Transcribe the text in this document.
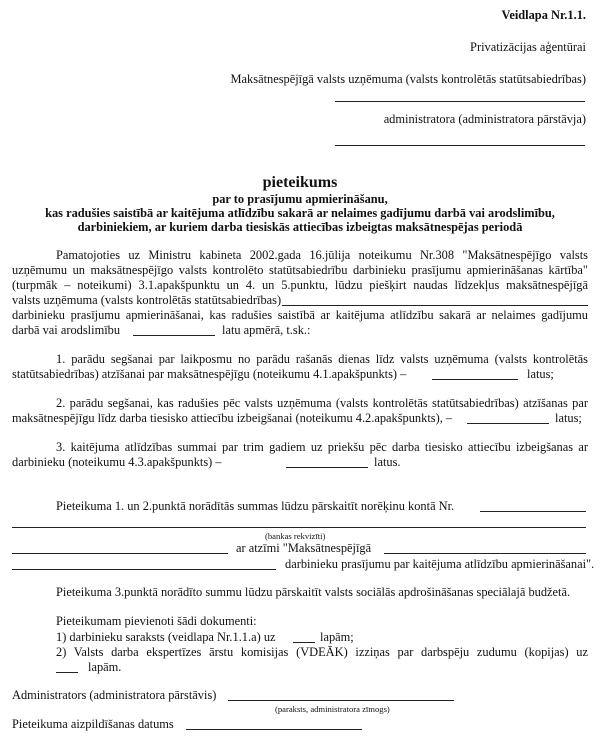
Veidlapa Nr.1.1.
Privatizācijas aģentūrai
Maksātnespējīgā valsts uzņēmuma (valsts kontrolētās statūtsabiedrības)
administratora (administratora pārstāvja)
pieteikums
par to prasījumu apmierināšanu,
kas radušies saistībā ar kaitējuma atlīdzību sakarā ar nelaimes gadījumu darbā vai arodslimību,
darbiniekiem, ar kuriem darba tiesiskās attiecības izbeigtas maksātnespējas periodā
Pamatojoties uz Ministru kabineta 2002.gada 16.jūlija noteikumu Nr.308 "Maksātnespējīgo valsts
uzņēmumu un maksātnespējīgo valsts kontrolēto statūtsabiedrību darbinieku prasījumu apmierināšanas kārtība"
(turpmāk – noteikumi) 3.1.apakšpunktu un 4. un 5.punktu, lūdzu piešķirt naudas līdzekļus maksātnespējīgā
valsts uzņēmuma (valsts kontrolētās statūtsabiedrības)
darbinieku prasījumu apmierināšanai, kas radušies saistībā ar kaitējuma atlīdzību sakarā ar nelaimes gadījumu
darbā vai arodslimību	latu apmērā, t.sk.:
1. parādu segšanai par laikposmu no parādu rašanās dienas līdz valsts uzņēmuma (valsts kontrolētās
statūtsabiedrības) atzīšanai par maksātnespējīgu (noteikumu 4.1.apakšpunkts) –	latus;
2. parādu segšanai, kas radušies pēc valsts uzņēmuma (valsts kontrolētās statūtsabiedrības) atzīšanas par
maksātnespējīgu līdz darba tiesisko attiecību izbeigšanai (noteikumu 4.2.apakšpunkts), –	latus;
3. kaitējuma atlīdzības summai par trim gadiem uz priekšu pēc darba tiesisko attiecību izbeigšanas ar
darbinieku (noteikumu 4.3.apakšpunkts) –	latus.
Pieteikuma 1. un 2.punktā norādītās summas lūdzu pārskaitīt norēķinu kontā Nr.
(bankas rekvizīti)
ar atzīmi "Maksātnespējīgā
darbinieku prasījumu par kaitējuma atlīdzību apmierināšanai".
Pieteikuma 3.punktā norādīto summu lūdzu pārskaitīt valsts sociālās apdrošināšanas speciālajā budžetā.
Pieteikumam pievienoti šādi dokumenti:
1) darbinieku saraksts (veidlapa Nr.1.1.a) uz	lapām;
2) Valsts darba ekspertīzes ārstu komisijas (VDEĀK) izziņas par darbspēju zudumu (kopijas) uz
lapām.
Administrators (administratora pārstāvis)
(paraksts, administratora zīmogs)
Pieteikuma aizpildīšanas datums
